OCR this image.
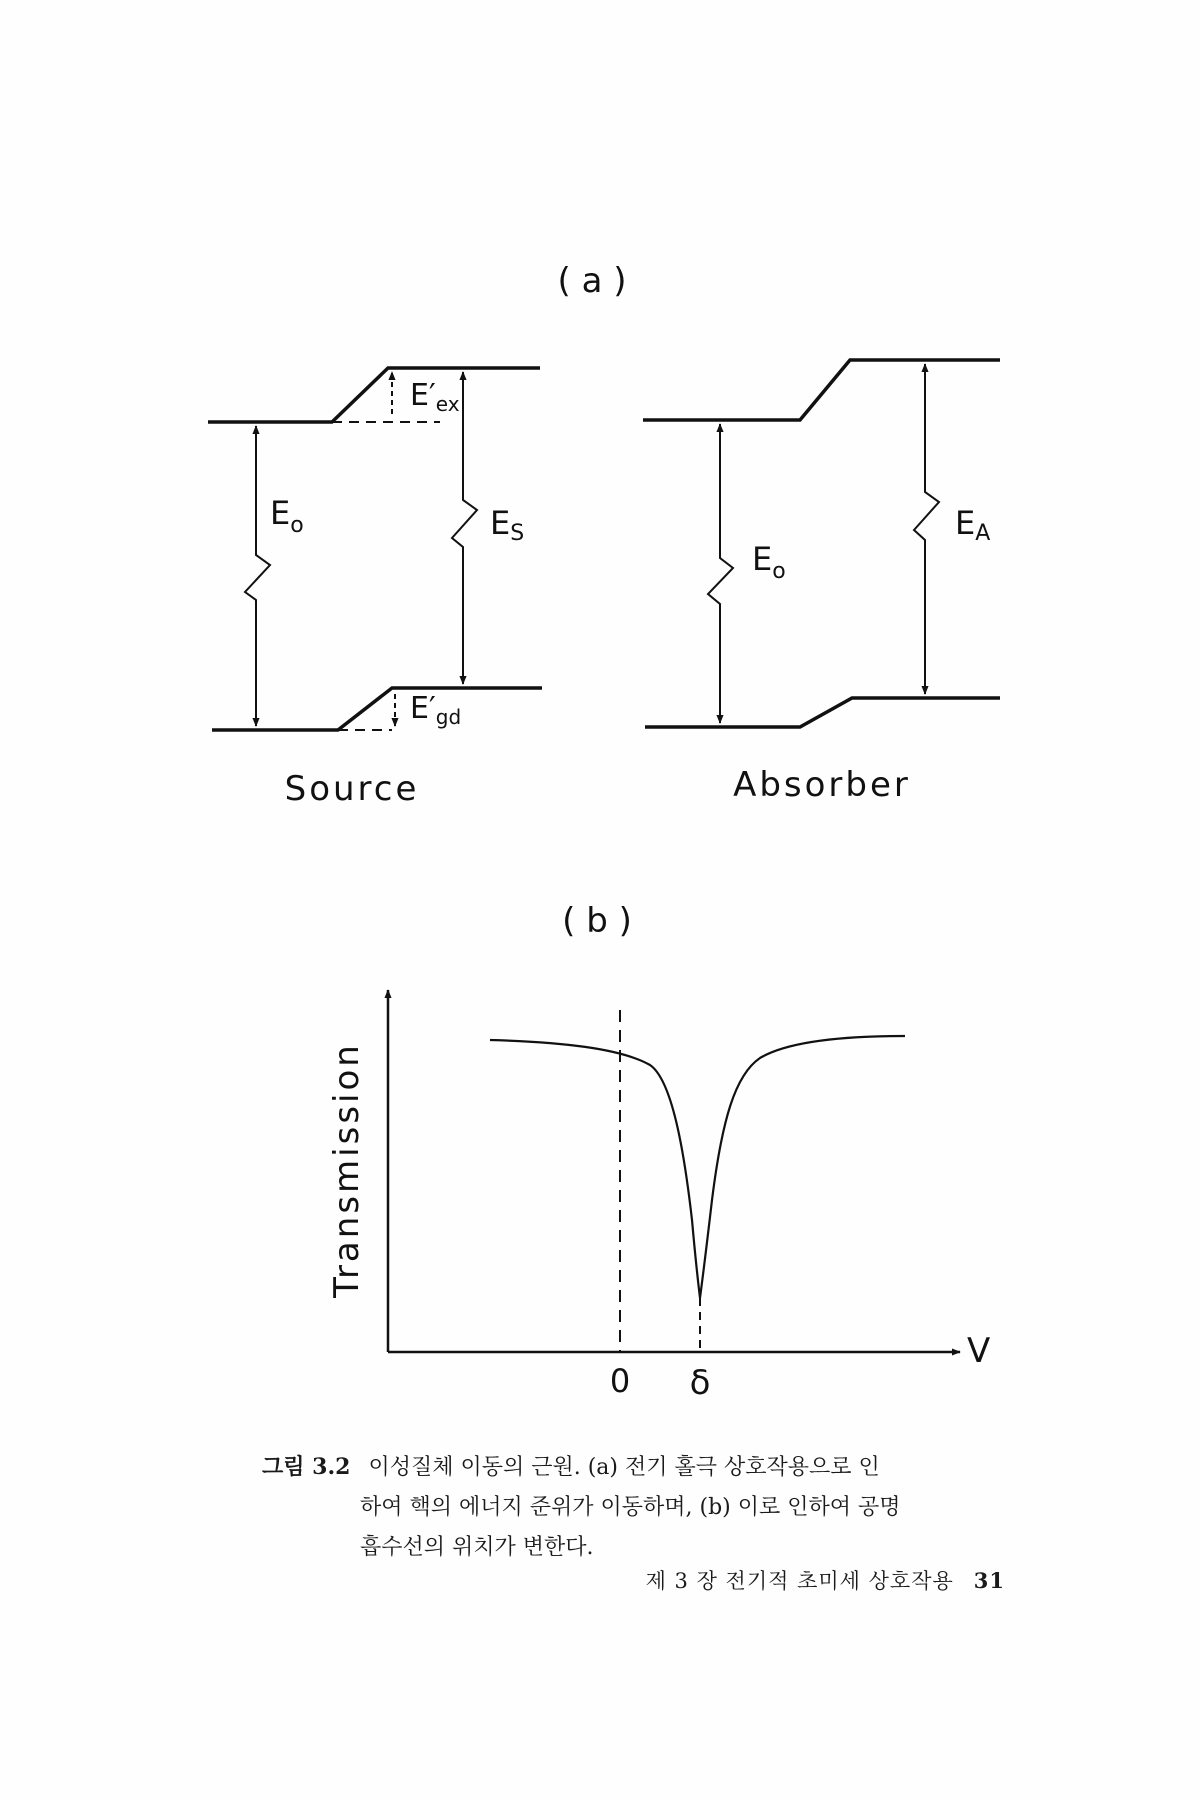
( a )
$E_o$	ES
$E'_{ex}$
$E'_{gd}$
Source
$E_o$
EA
Absorber
( b )
Transmission
V
0 δ
그림 3.2 이성질체 이동의 근원. (a) 전기 홀극 상호작용으로 인
하여 핵의 에너지 준위가 이동하며, (b) 이로 인하여 공명
흡수선의 위치가 변한다.
제 3 장 전기적 초미세 상호작용 31
